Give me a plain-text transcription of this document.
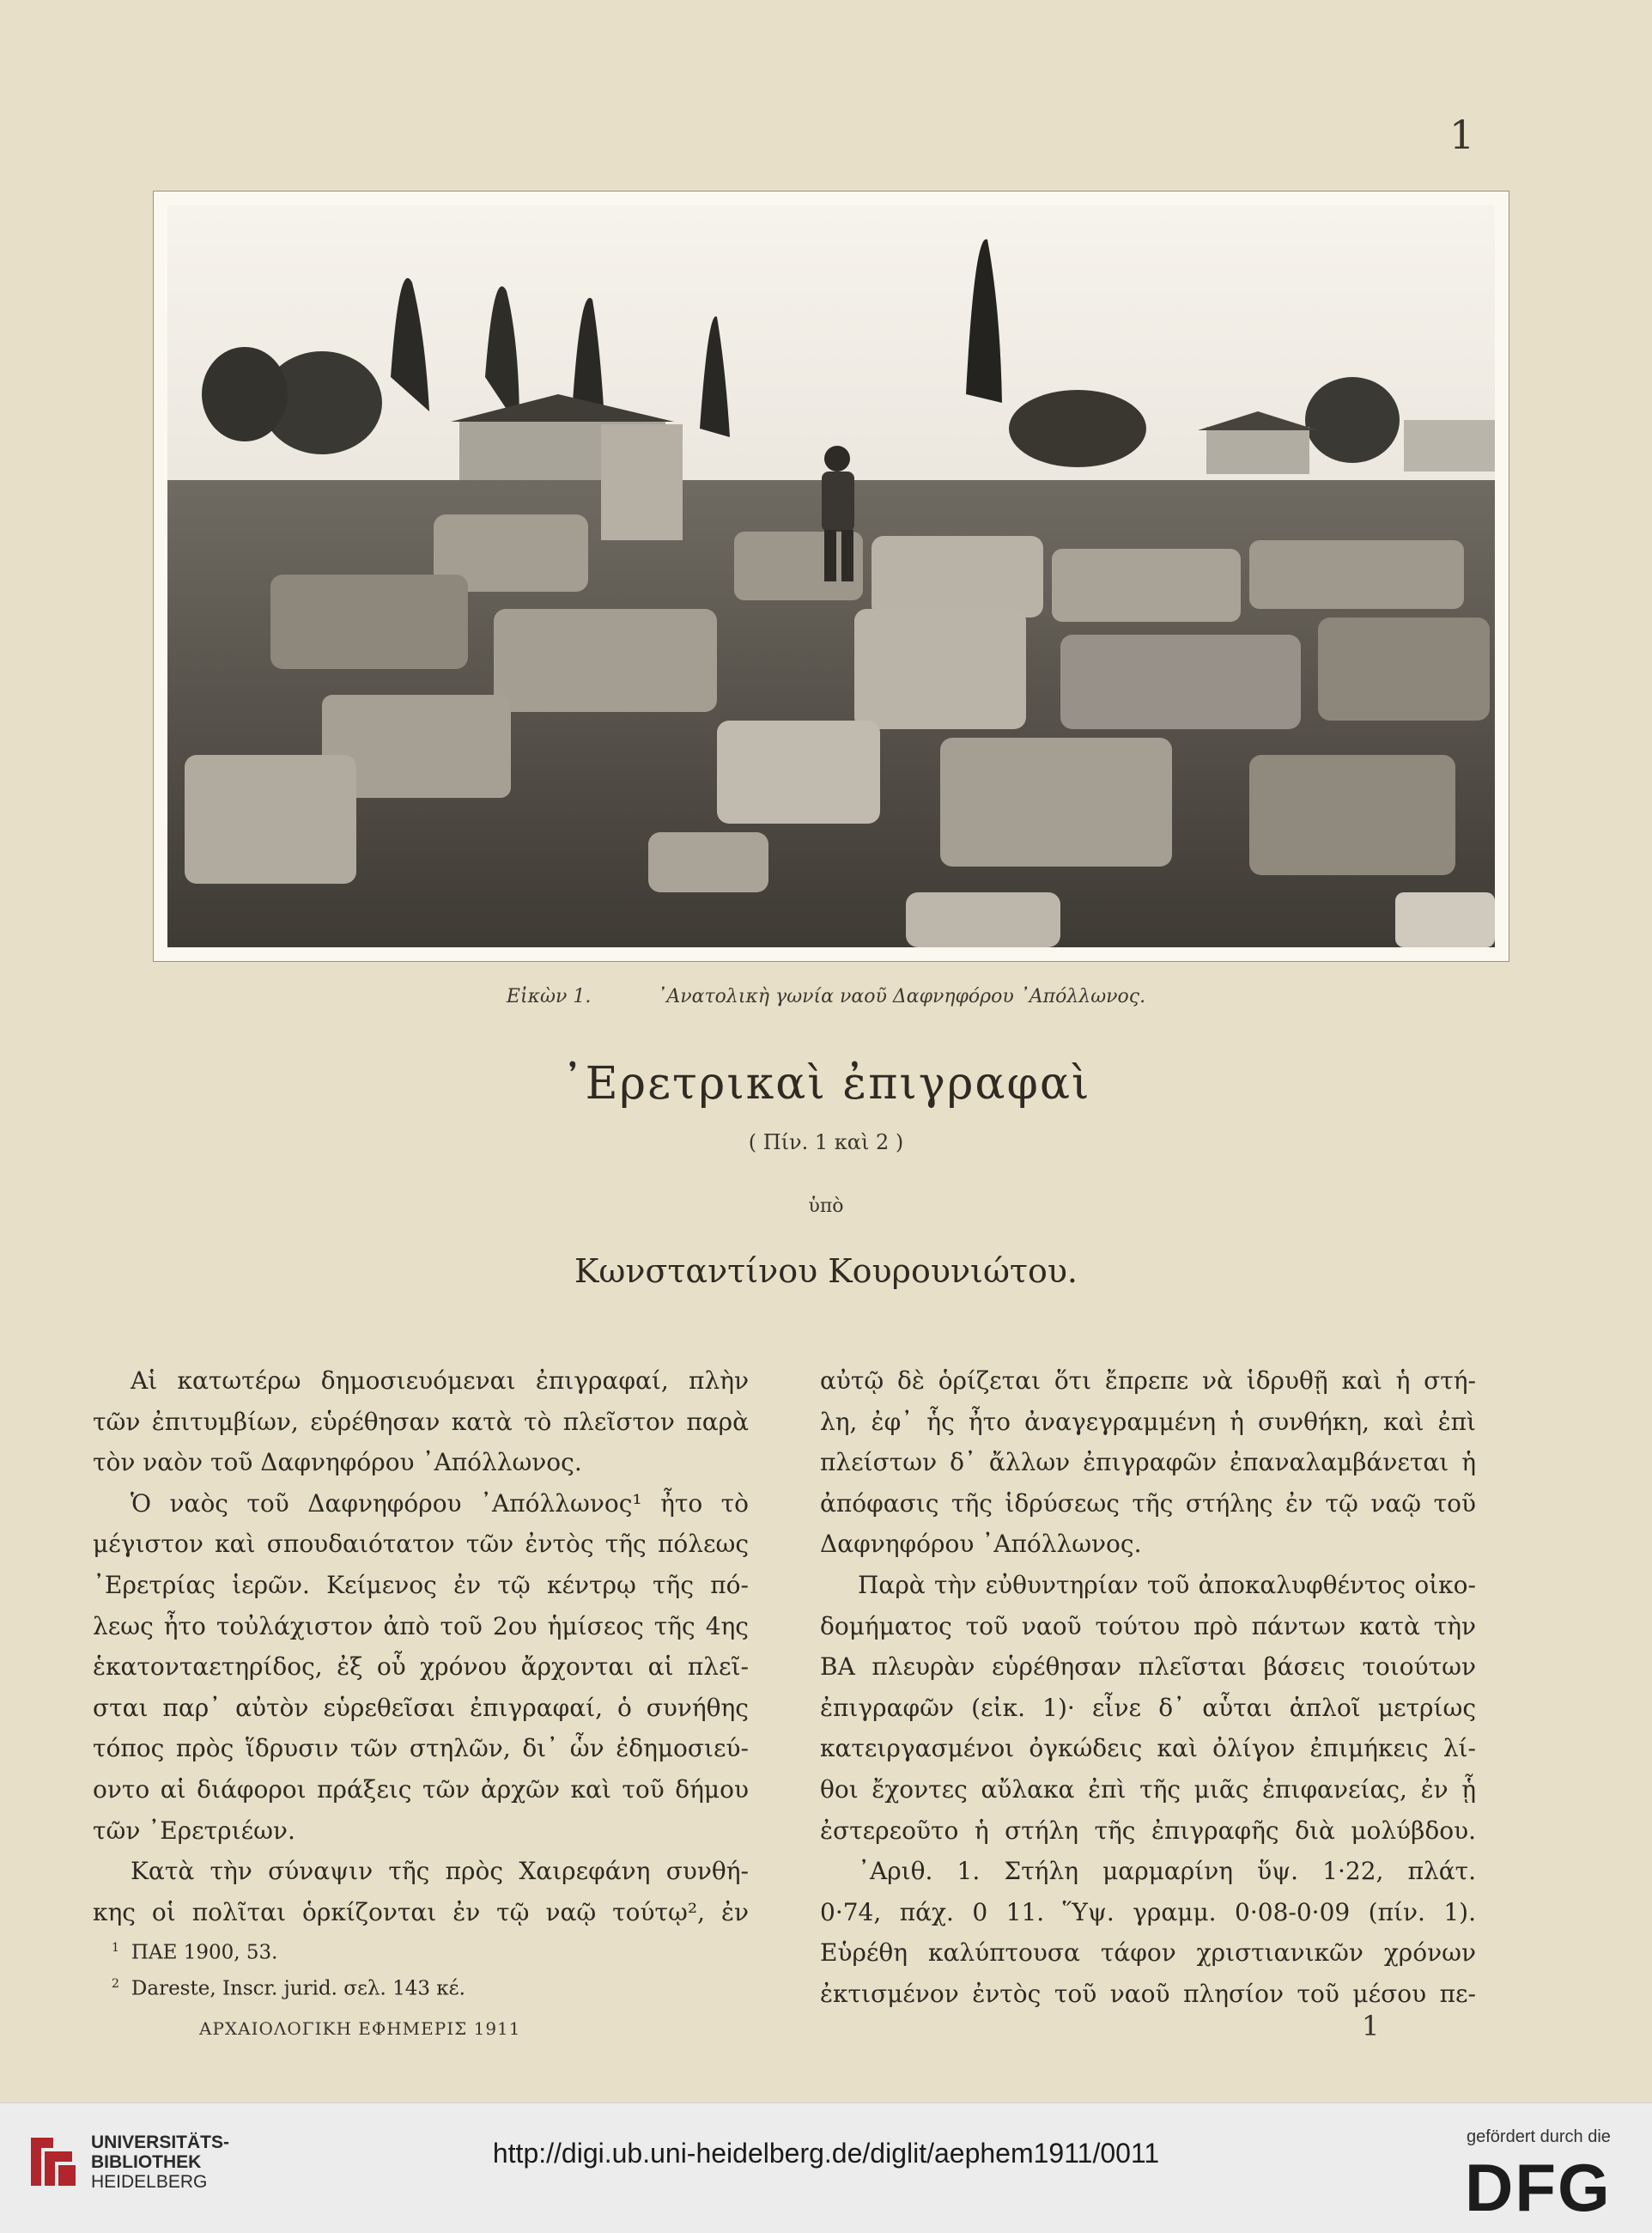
1
Εἰκὼν 1.	᾿Ανατολικὴ γωνία ναοῦ Δαφνηφόρου ᾿Απόλλωνος.
᾿Ερετρικαὶ ἐπιγραφαὶ
( Πίν. 1 καὶ 2 )
ὑπὸ
Κωνσταντίνου Κουρουνιώτου.
Αἱ κατωτέρω δημοσιευόμεναι ἐπιγραφαί, πλὴν
τῶν ἐπιτυμβίων, εὑρέθησαν κατὰ τὸ πλεῖστον παρὰ
τὸν ναὸν τοῦ Δαφνηφόρου ᾿Απόλλωνος.
Ὁ ναὸς τοῦ Δαφνηφόρου ᾿Απόλλωνος¹ ἦτο τὸ
μέγιστον καὶ σπουδαιότατον τῶν ἐντὸς τῆς πόλεως
᾿Ερετρίας ἱερῶν. Κείμενος ἐν τῷ κέντρῳ τῆς πό-
λεως ἦτο τοὐλάχιστον ἀπὸ τοῦ 2ου ἡμίσεος τῆς 4ης
ἑκατονταετηρίδος, ἐξ οὗ χρόνου ἄρχονται αἱ πλεῖ-
σται παρ᾿ αὐτὸν εὑρεθεῖσαι ἐπιγραφαί, ὁ συνήθης
τόπος πρὸς ἵδρυσιν τῶν στηλῶν, δι᾿ ὧν ἐδημοσιεύ-
οντο αἱ διάφοροι πράξεις τῶν ἀρχῶν καὶ τοῦ δήμου
τῶν ᾿Ερετριέων.
Κατὰ τὴν σύναψιν τῆς πρὸς Χαιρεφάνη συνθή-
κης οἱ πολῖται ὁρκίζονται ἐν τῷ ναῷ τούτῳ², ἐν
αὐτῷ δὲ ὁρίζεται ὅτι ἔπρεπε νὰ ἱδρυθῇ καὶ ἡ στή-
λη, ἐφ᾿ ἧς ἦτο ἀναγεγραμμένη ἡ συνθήκη, καὶ ἐπὶ
πλείστων δ᾿ ἄλλων ἐπιγραφῶν ἐπαναλαμβάνεται ἡ
ἀπόφασις τῆς ἱδρύσεως τῆς στήλης ἐν τῷ ναῷ τοῦ
Δαφνηφόρου ᾿Απόλλωνος.
Παρὰ τὴν εὐθυντηρίαν τοῦ ἀποκαλυφθέντος οἰκο-
δομήματος τοῦ ναοῦ τούτου πρὸ πάντων κατὰ τὴν
ΒΑ πλευρὰν εὑρέθησαν πλεῖσται βάσεις τοιούτων
ἐπιγραφῶν (εἰκ. 1)· εἶνε δ᾿ αὗται ἁπλοῖ μετρίως
κατειργασμένοι ὀγκώδεις καὶ ὀλίγον ἐπιμήκεις λί-
θοι ἔχοντες αὔλακα ἐπὶ τῆς μιᾶς ἐπιφανείας, ἐν ᾗ
ἐστερεοῦτο ἡ στήλη τῆς ἐπιγραφῆς διὰ μολύβδου.
᾿Αριθ. 1. Στήλη μαρμαρίνη ὕψ. 1·22, πλάτ.
0·74, πάχ. 0 11. Ὕψ. γραμμ. 0·08-0·09 (πίν. 1).
Εὑρέθη καλύπτουσα τάφον χριστιανικῶν χρόνων
ἐκτισμένον ἐντὸς τοῦ ναοῦ πλησίον τοῦ μέσου πε-
$^1$ ΠΑΕ 1900, 53.
$^2$ Dareste, Inscr. jurid. σελ. 143 κέ.
ΑΡΧΑΙΟΛΟΓΙΚΗ ΕΦΗΜΕΡΙΣ 1911	1
UNIVERSITÄTS-
BIBLIOTHEK
HEIDELBERG
http://digi.ub.uni-heidelberg.de/diglit/aephem1911/0011
gefördert durch die
DFG
